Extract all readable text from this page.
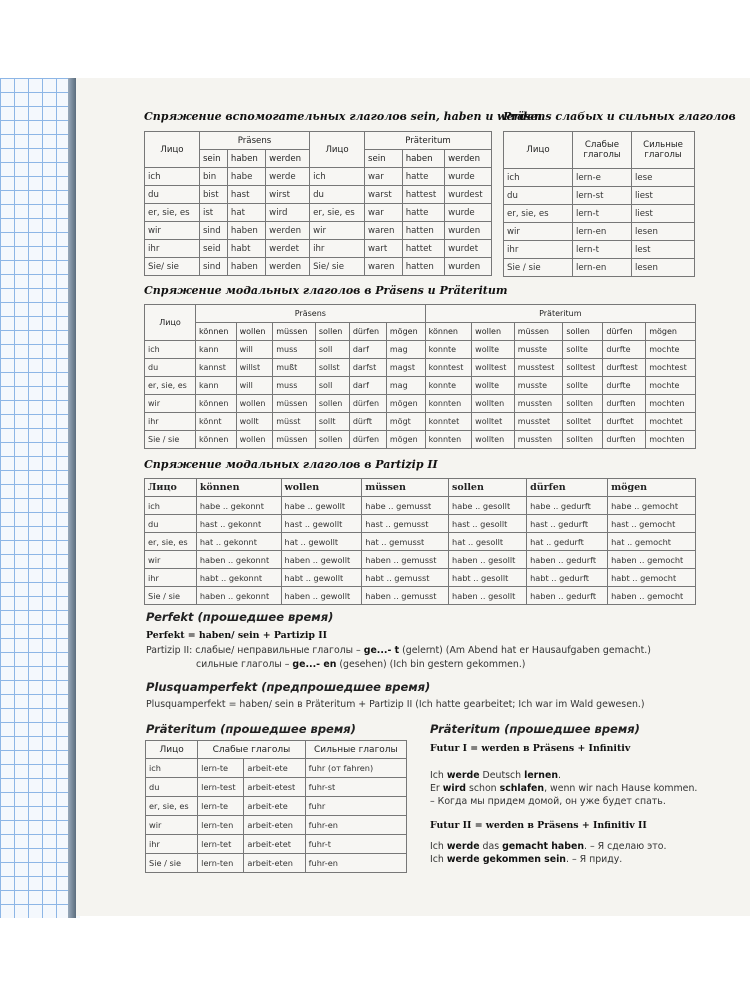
Спряжение вспомогательных глаголов sein, haben и werden
Лицо	Präsens			Лицо	Präteritum		
	sein	haben	werden		sein	haben	werden
ich	bin	habe	werde	ich	war	hatte	wurde
du	bist	hast	wirst	du	warst	hattest	wurdest
er, sie, es	ist	hat	wird	er, sie, es	war	hatte	wurde
wir	sind	haben	werden	wir	waren	hatten	wurden
ihr	seid	habt	werdet	ihr	wart	hattet	wurdet
Sie/ sie	sind	haben	werden	Sie/ sie	waren	hatten	wurden
Präsens слабых и сильных глаголов
Лицо	Слабые глаголы	Сильные глаголы
ich	lern-e	lese
du	lern-st	liest
er, sie, es	lern-t	liest
wir	lern-en	lesen
ihr	lern-t	lest
Sie / sie	lern-en	lesen
Спряжение модальных глаголов в Präsens и Präteritum
Лицо	Präsens						Präteritum					
	können	wollen	müssen	sollen	dürfen	mögen	können	wollen	müssen	sollen	dürfen	mögen
ich	kann	will	muss	soll	darf	mag	konnte	wollte	musste	sollte	durfte	mochte
du	kannst	willst	mußt	sollst	darfst	magst	konntest	wolltest	musstest	solltest	durftest	mochtest
er, sie, es	kann	will	muss	soll	darf	mag	konnte	wollte	musste	sollte	durfte	mochte
wir	können	wollen	müssen	sollen	dürfen	mögen	konnten	wollten	mussten	sollten	durften	mochten
ihr	könnt	wollt	müsst	sollt	dürft	mögt	konntet	wolltet	musstet	solltet	durftet	mochtet
Sie / sie	können	wollen	müssen	sollen	dürfen	mögen	konnten	wollten	mussten	sollten	durften	mochten
Спряжение модальных глаголов в Partizip II
Лицо	können	wollen	müssen	sollen	dürfen	mögen
ich	habe .. gekonnt	habe .. gewollt	habe .. gemusst	habe .. gesollt	habe .. gedurft	habe .. gemocht
du	hast .. gekonnt	hast .. gewollt	hast .. gemusst	hast .. gesollt	hast .. gedurft	hast .. gemocht
er, sie, es	hat .. gekonnt	hat .. gewollt	hat .. gemusst	hat .. gesollt	hat .. gedurft	hat .. gemocht
wir	haben .. gekonnt	haben .. gewollt	haben .. gemusst	haben .. gesollt	haben .. gedurft	haben .. gemocht
ihr	habt .. gekonnt	habt .. gewollt	habt .. gemusst	habt .. gesollt	habt .. gedurft	habt .. gemocht
Sie / sie	haben .. gekonnt	haben .. gewollt	haben .. gemusst	haben .. gesollt	haben .. gedurft	haben .. gemocht
Perfekt (прошедшее время)
Perfekt = haben/ sein + Partizip II
Partizip II: слабые/ неправильные глаголы – ge...- t (gelernt) (Am Abend hat er Hausaufgaben gemacht.)
сильные глаголы – ge...- en (gesehen) (Ich bin gestern gekommen.)
Plusquamperfekt (предпрошедшее время)
Plusquamperfekt = haben/ sein в Präteritum + Partizip II (Ich hatte gearbeitet; Ich war im Wald gewesen.)
Präteritum (прошедшее время)
Лицо	Слабые глаголы		Сильные глаголы
ich	lern-te	arbeit-ete	fuhr (от fahren)
du	lern-test	arbeit-etest	fuhr-st
er, sie, es	lern-te	arbeit-ete	fuhr
wir	lern-ten	arbeit-eten	fuhr-en
ihr	lern-tet	arbeit-etet	fuhr-t
Sie / sie	lern-ten	arbeit-eten	fuhr-en
Präteritum (прошедшее время)
Futur I = werden в Präsens + Infinitiv
Ich werde Deutsch lernen.
Er wird schon schlafen, wenn wir nach Hause kommen.
– Когда мы придем домой, он уже будет спать.
Futur II = werden в Präsens + Infinitiv II
Ich werde das gemacht haben. – Я сделаю это.
Ich werde gekommen sein. – Я приду.
